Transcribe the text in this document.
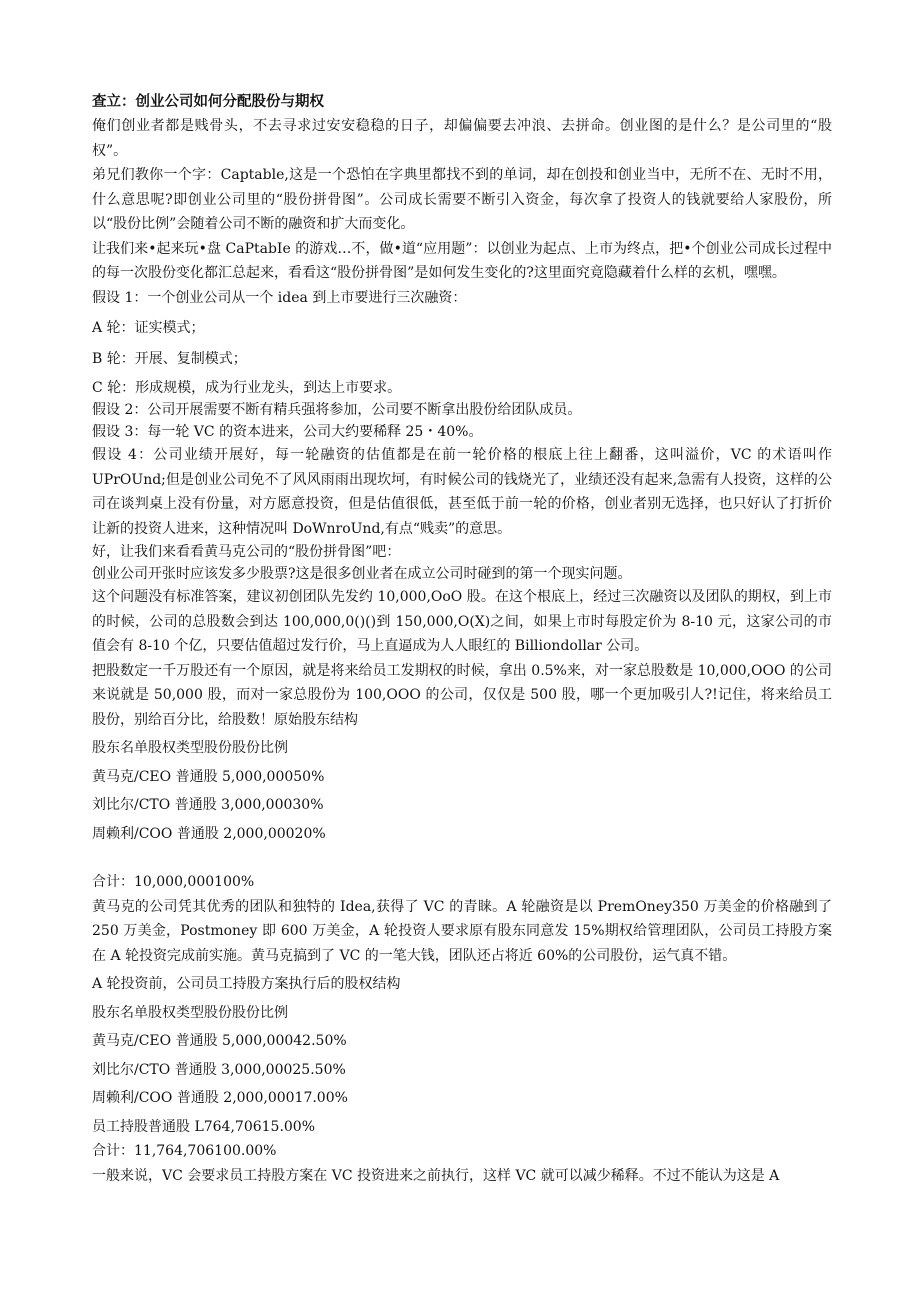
查立：创业公司如何分配股份与期权

俺们创业者都是贱骨头，不去寻求过安安稳稳的日子，却偏偏要去冲浪、去拼命。创业图的是什么？是公司里的“股权”。

弟兄们教你一个字：Captable,这是一个恐怕在字典里都找不到的单词，却在创投和创业当中，无所不在、无时不用，什么意思呢?即创业公司里的“股份拼骨图”。公司成长需要不断引入资金，每次拿了投资人的钱就要给人家股份，所以“股份比例”会随着公司不断的融资和扩大而变化。

让我们来•起来玩•盘 CaPtabIe 的游戏…不，做•道“应用题”：以创业为起点、上市为终点，把•个创业公司成长过程中的每一次股份变化都汇总起来，看看这“股份拼骨图”是如何发生变化的?这里面究竟隐藏着什么样的玄机，嘿嘿。

假设 1：一个创业公司从一个 idea 到上市要进行三次融资：

A 轮：证实模式；

B 轮：开展、复制模式；

C 轮：形成规模，成为行业龙头，到达上市要求。

假设 2：公司开展需要不断有精兵强将参加，公司要不断拿出股份给团队成员。

假设 3：每一轮 VC 的资本进来，公司大约要稀释 25・40%。

假设 4：公司业绩开展好，每一轮融资的估值都是在前一轮价格的根底上往上翻番，这叫溢价，VC 的术语叫作 UPrOUnd;但是创业公司免不了风风雨雨出现坎坷，有时候公司的钱烧光了，业绩还没有起来,急需有人投资，这样的公司在谈判桌上没有份量，对方愿意投资，但是估值很低，甚至低于前一轮的价格，创业者别无选择，也只好认了打折价让新的投资人进来，这种情况叫 DoWnroUnd,有点“贱卖”的意思。

好，让我们来看看黄马克公司的“股份拼骨图”吧：

创业公司开张时应该发多少股票?这是很多创业者在成立公司时碰到的第一个现实问题。

这个问题没有标准答案，建议初创团队先发约 10,000,OoO 股。在这个根底上，经过三次融资以及团队的期权，到上市的时候，公司的总股数会到达 100,000,0()()到 150,000,O(X)之间，如果上市时每股定价为 8-10 元，这家公司的市值会有 8-10 个亿，只要估值超过发行价，马上直逼成为人人眼红的 Billiondollar 公司。

把股数定一千万股还有一个原因，就是将来给员工发期权的时候，拿出 0.5%来，对一家总股数是 10,000,OOO 的公司来说就是 50,000 股，而对一家总股份为 100,OOO 的公司，仅仅是 500 股，哪一个更加吸引人?!记住，将来给员工股份，别给百分比，给股数！原始股东结构

股东名单股权类型股份股份比例

黄马克/CEO 普通股 5,000,00050%

刘比尔/CTO 普通股 3,000,00030%

周赖利/COO 普通股 2,000,00020%

合计：10,000,000100%

黄马克的公司凭其优秀的团队和独特的 Idea,获得了 VC 的青睐。A 轮融资是以 PremOney350 万美金的价格融到了 250 万美金，Postmoney 即 600 万美金，A 轮投资人要求原有股东同意发 15%期权给管理团队，公司员工持股方案在 A 轮投资完成前实施。黄马克搞到了 VC 的一笔大钱，团队还占将近 60%的公司股份，运气真不错。

A 轮投资前，公司员工持股方案执行后的股权结构

股东名单股权类型股份股份比例

黄马克/CEO 普通股 5,000,00042.50%

刘比尔/CTO 普通股 3,000,00025.50%

周赖利/COO 普通股 2,000,00017.00%

员工持股普通股 L764,70615.00%

合计：11,764,706100.00%

一般来说，VC 会要求员工持股方案在 VC 投资进来之前执行，这样 VC 就可以减少稀释。不过不能认为这是 A
